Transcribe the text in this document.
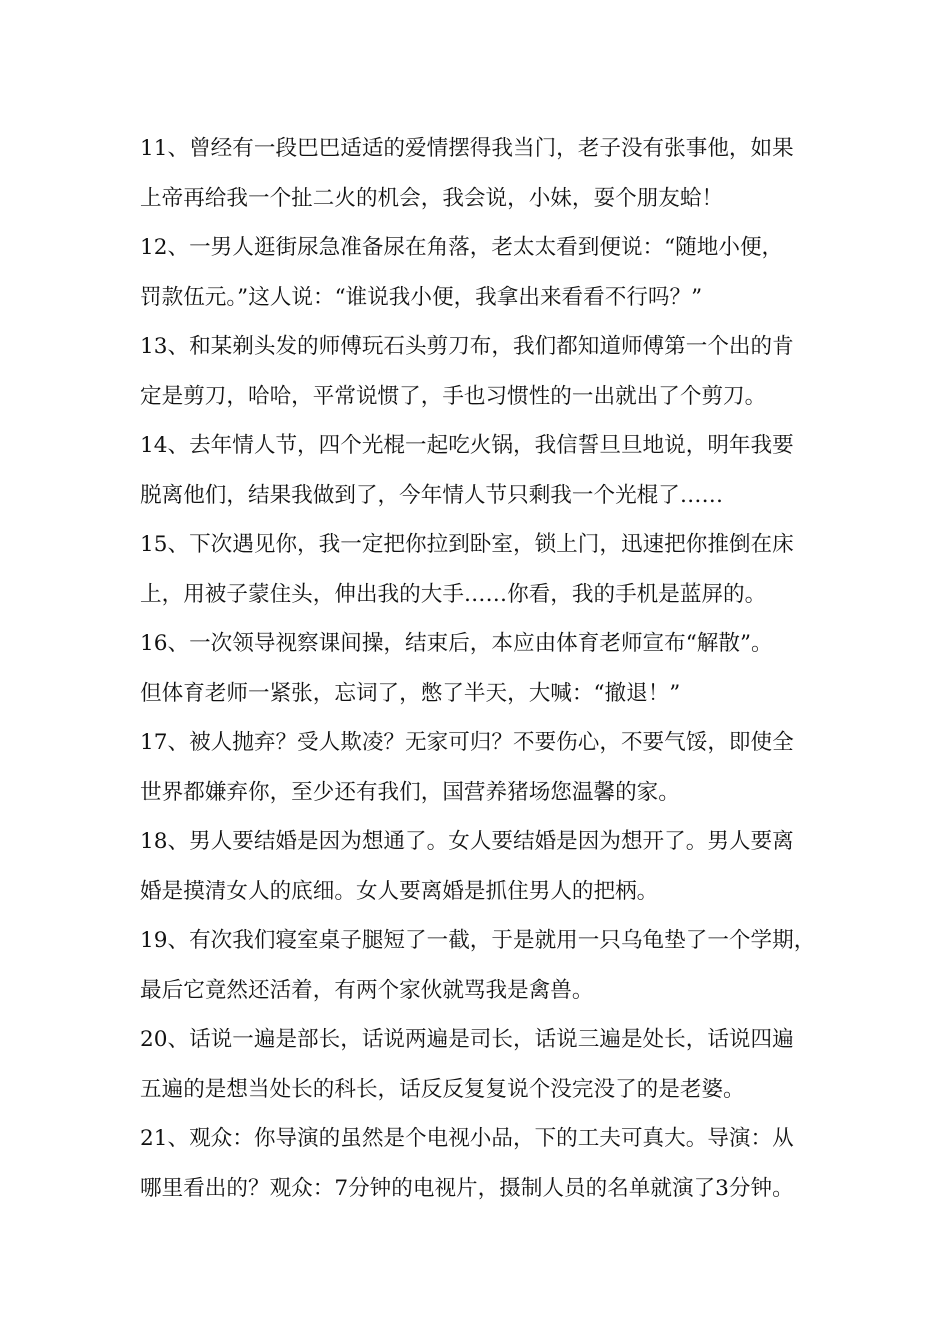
11、曾经有一段巴巴适适的爱情摆得我当门，老子没有张事他，如果
上帝再给我一个扯二火的机会，我会说，小妹，耍个朋友蛤！
12、一男人逛街尿急准备尿在角落，老太太看到便说：“随地小便，
罚款伍元。”这人说：“谁说我小便，我拿出来看看不行吗？”
13、和某剃头发的师傅玩石头剪刀布，我们都知道师傅第一个出的肯
定是剪刀，哈哈，平常说惯了，手也习惯性的一出就出了个剪刀。
14、去年情人节，四个光棍一起吃火锅，我信誓旦旦地说，明年我要
脱离他们，结果我做到了，今年情人节只剩我一个光棍了……
15、下次遇见你，我一定把你拉到卧室，锁上门，迅速把你推倒在床
上，用被子蒙住头，伸出我的大手……你看，我的手机是蓝屏的。
16、一次领导视察课间操，结束后，本应由体育老师宣布“解散”。
但体育老师一紧张，忘词了，憋了半天，大喊：“撤退！”
17、被人抛弃？受人欺凌？无家可归？不要伤心，不要气馁，即使全
世界都嫌弃你，至少还有我们，国营养猪场您温馨的家。
18、男人要结婚是因为想通了。女人要结婚是因为想开了。男人要离
婚是摸清女人的底细。女人要离婚是抓住男人的把柄。
19、有次我们寝室桌子腿短了一截，于是就用一只乌龟垫了一个学期，
最后它竟然还活着，有两个家伙就骂我是禽兽。
20、话说一遍是部长，话说两遍是司长，话说三遍是处长，话说四遍
五遍的是想当处长的科长，话反反复复说个没完没了的是老婆。
21、观众：你导演的虽然是个电视小品，下的工夫可真大。导演：从
哪里看出的？观众：7分钟的电视片，摄制人员的名单就演了3分钟。
